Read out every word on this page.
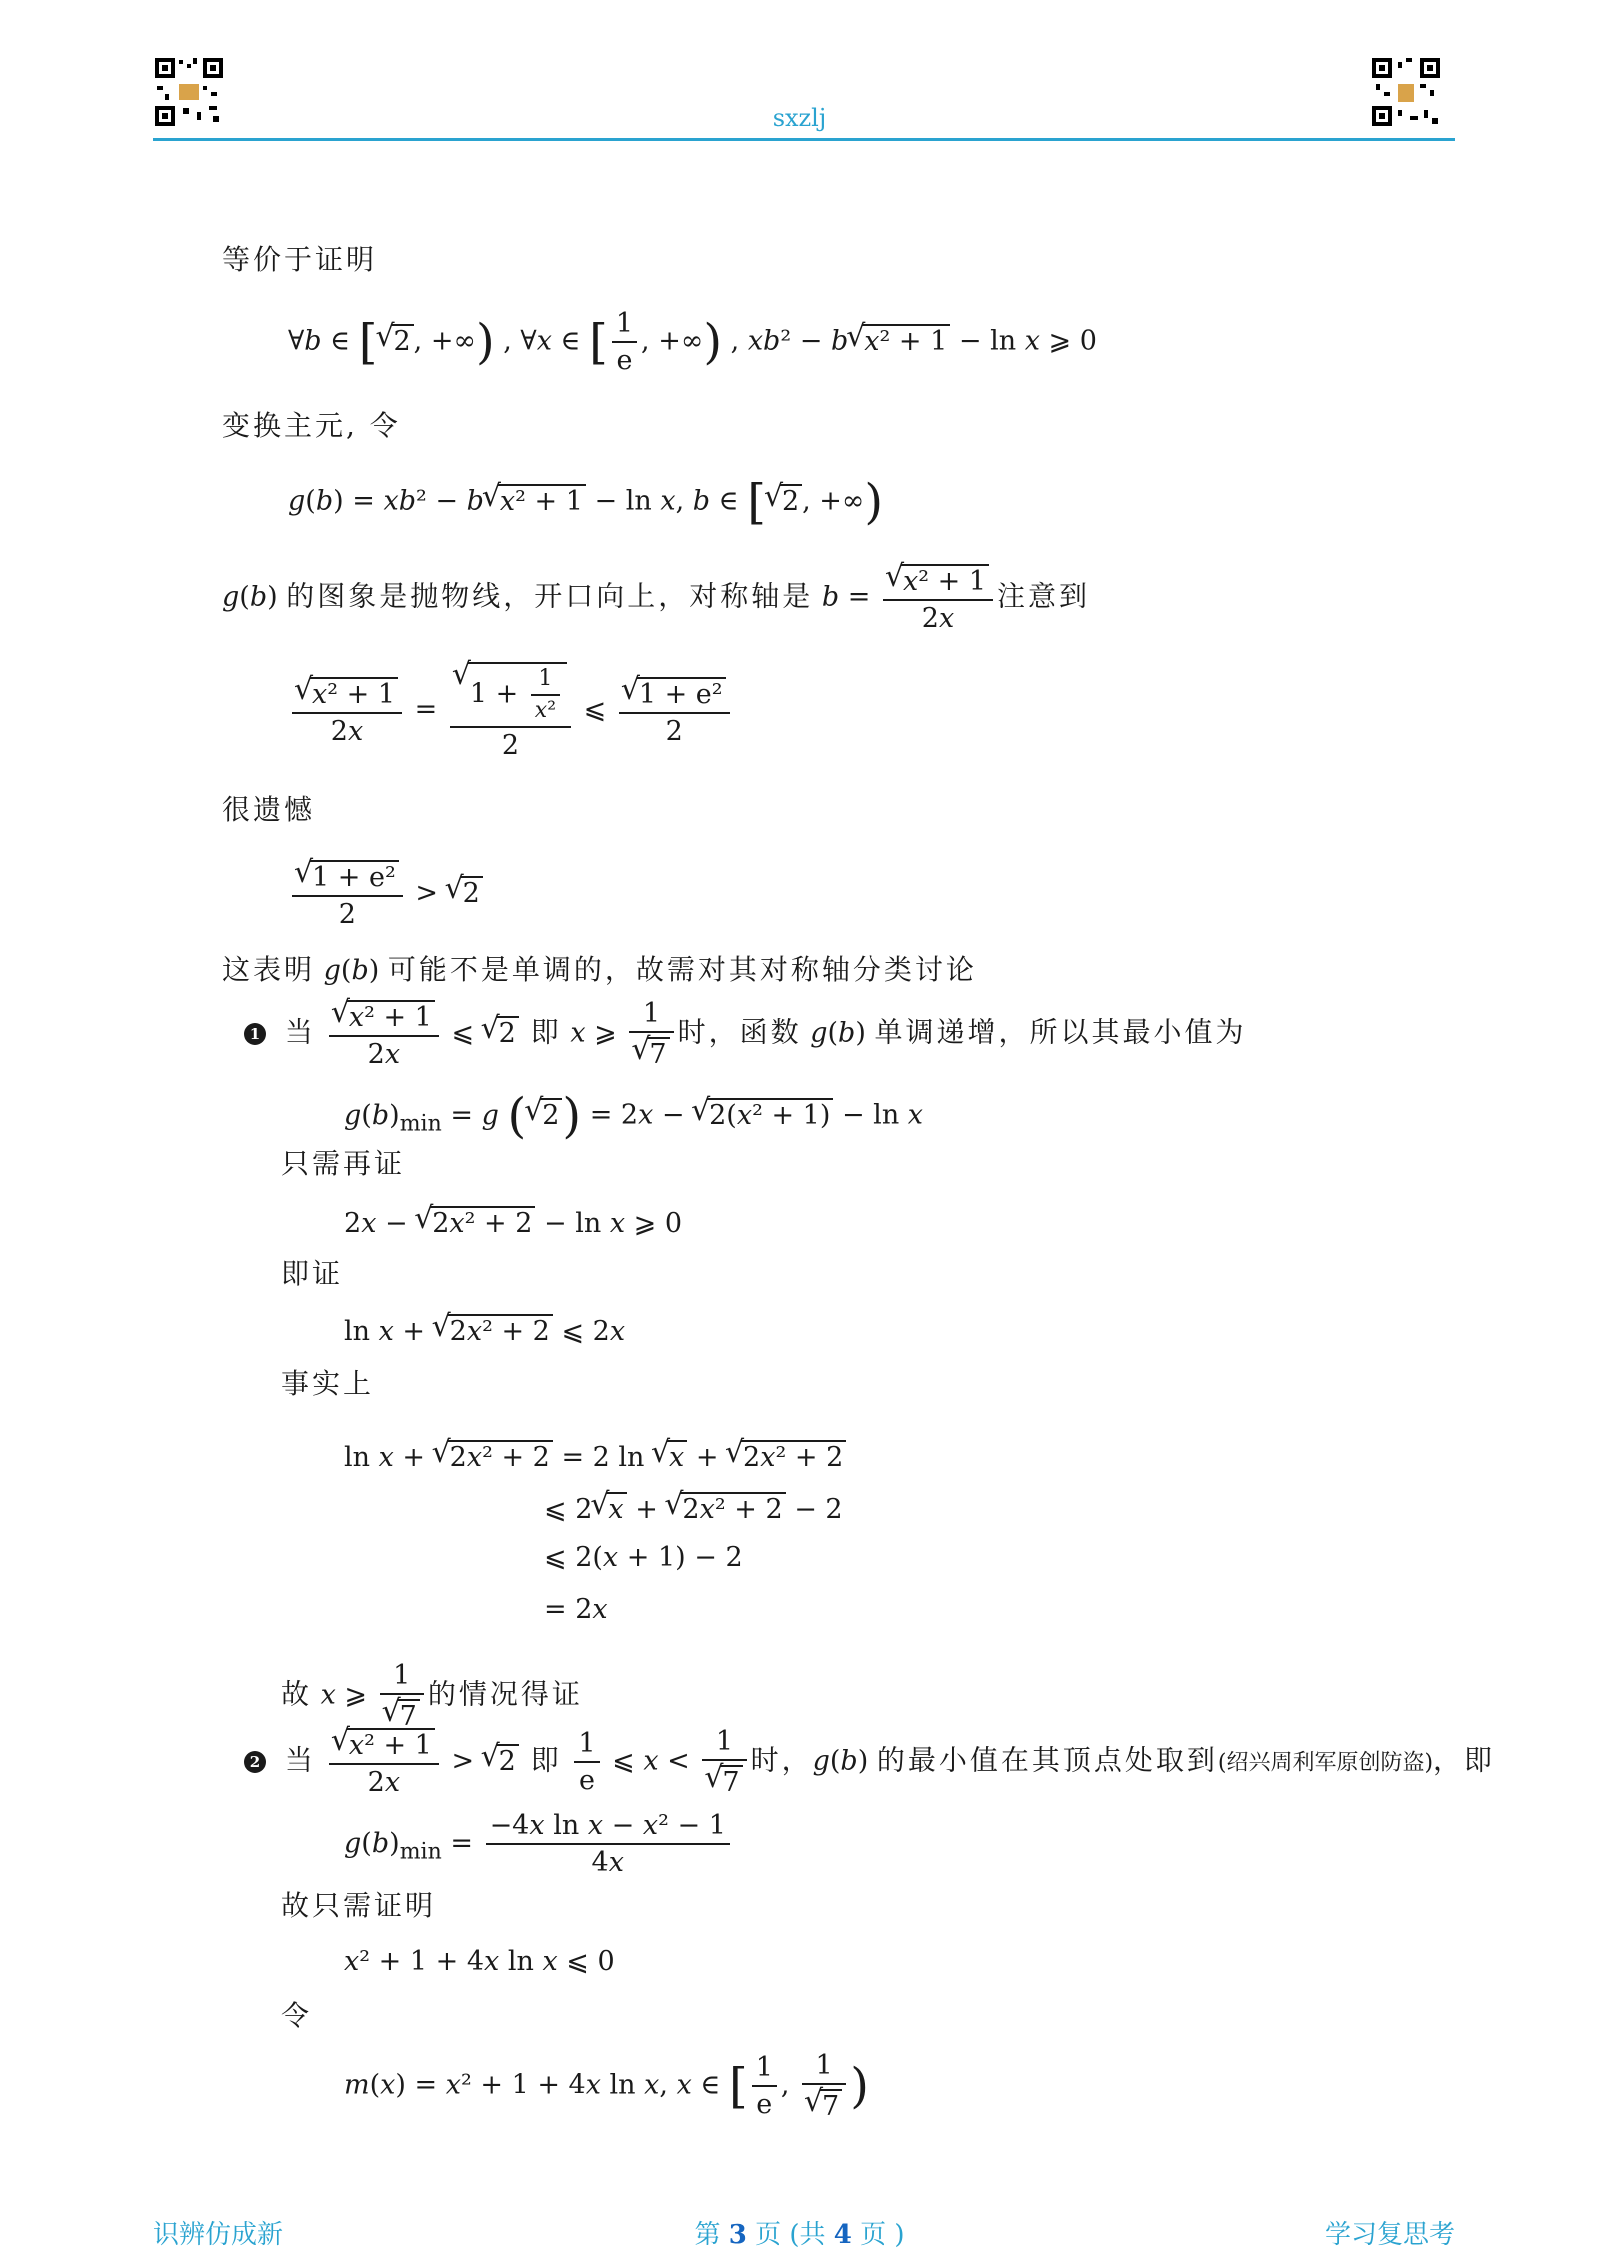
sxzlj
等价于证明
∀b ∈ [ √ 2 , +∞) , ∀x ∈ [ $\frac{1}{e}$ , +∞) , xb² − b √ x² + 1 − ln x ⩾ 0
变换主元, 令
g(b) = xb² − b √ x² + 1 − ln x, b ∈ [ √ 2 , +∞)
g(b) 的图象是抛物线，开口向上，对称轴是 b = √ $\frac{\text{x² + 1}}{2x}$ 注意到
√ $\frac{\text{x² + 1}}{2x}$ = √ $\frac{1 + \frac{1}{\text{x²}}}{2}$ ⩽ √ $\frac{\text{1 + e²}}{2}$
很遗憾
√ $\frac{\text{1 + e²}}{2}$ > √ 2
这表明 g(b) 可能不是单调的，故需对其对称轴分类讨论
1 当 √ $\frac{\text{x² + 1}}{2x}$ ⩽ √ 2 即 x ⩾ 1
√ 7 时，函数 g(b) 单调递增，所以其最小值为
$g(b)_{min} = g$ ( √ 2) = 2x − √ 2(x² + 1) − ln x
只需再证
2x − √ 2x² + 2 − ln x ⩾ 0
即证
ln x + √ 2x² + 2 ⩽ 2x
事实上
ln x + √ 2x² + 2 = 2 ln √ x + √ 2x² + 2
⩽ 2 √ x + √ 2x² + 2 − 2
⩽ 2(x + 1) − 2
= 2x
故 x ⩾ 1
√ 7 的情况得证
2 当 √ $\frac{\text{x² + 1}}{2x}$ > √ 2 即 $\frac{1}{e}$ ⩽ x < 1
√ 7 时，g(b) 的最小值在其顶点处取到(绍兴周利军原创防盗)，即
$g(b)_{min} = \frac{\text{−4x ln x − x² − 1}}{4x}$
故只需证明
x² + 1 + 4x ln x ⩽ 0
令
m(x) = x² + 1 + 4x ln x, x ∈ [ $\frac{1}{e}$ , 1
√ 7 )
识辨仿成新	第 3 页 (共 4 页 )	学习复思考
